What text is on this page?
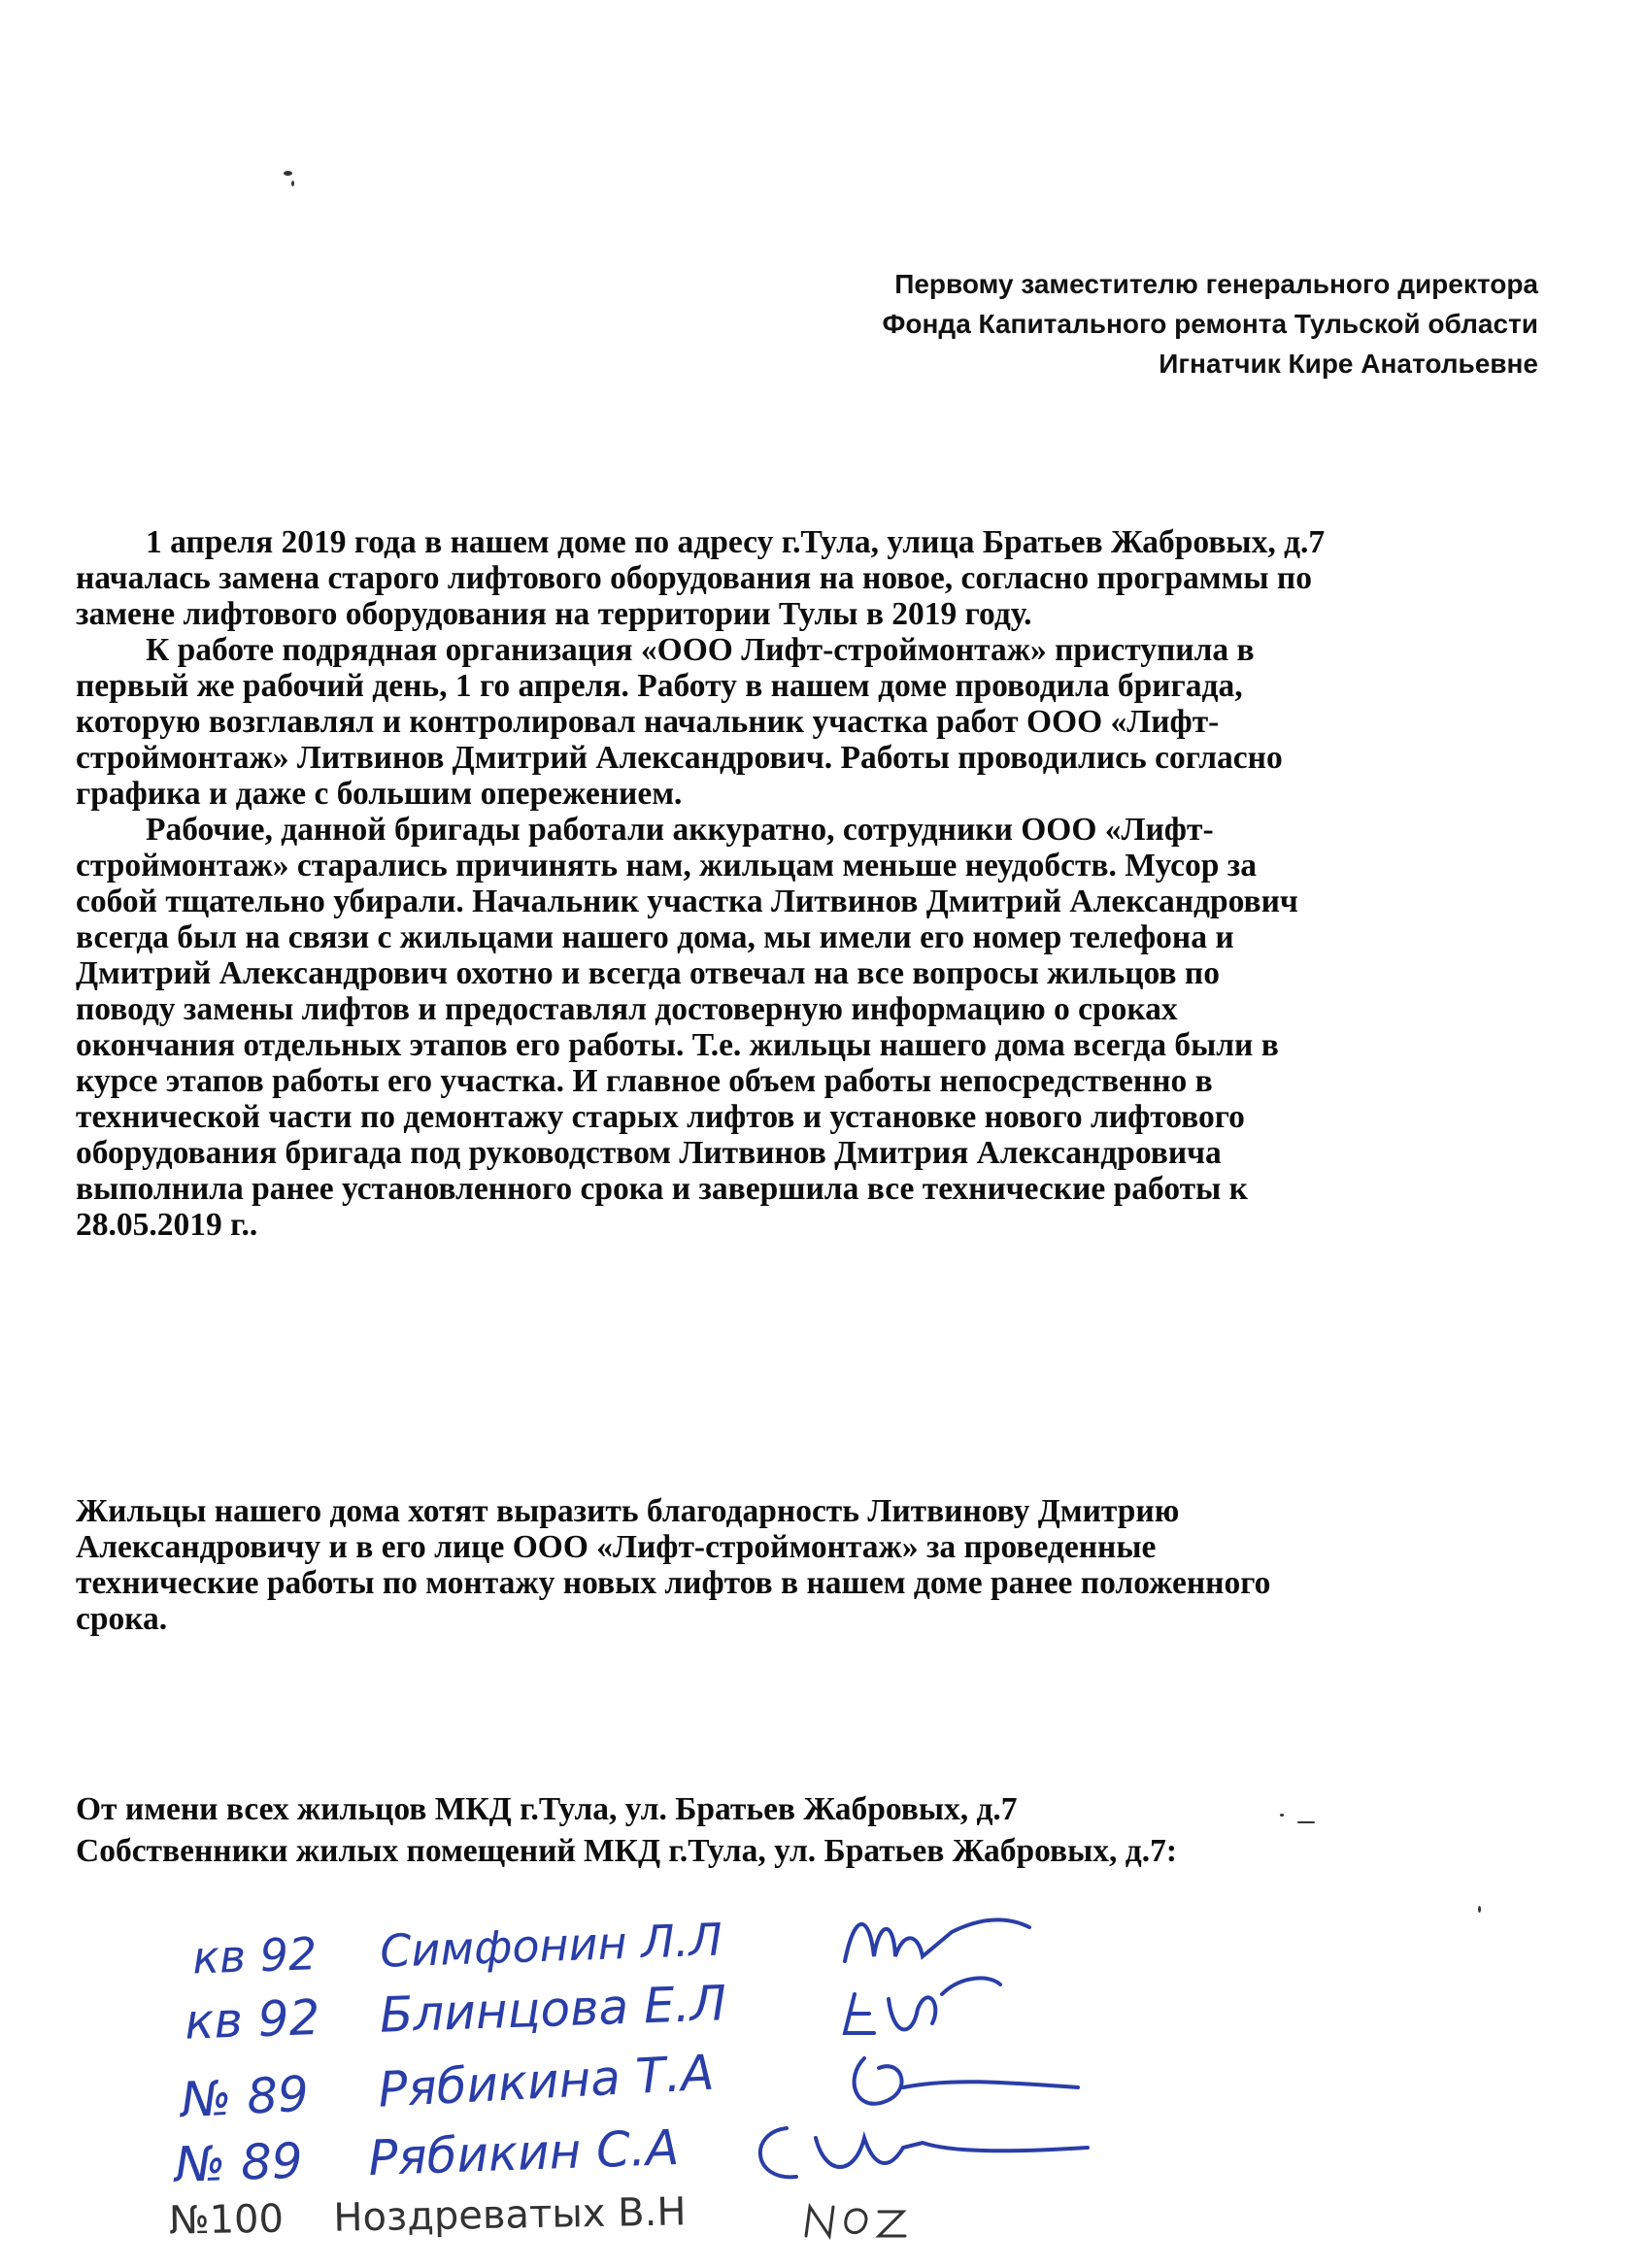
Первому заместителю генерального директора
Фонда Капитального ремонта Тульской области
Игнатчик Кире Анатольевне

1 апреля 2019 года в нашем доме по адресу г.Тула, улица Братьев Жабровых, д.7
началась замена старого лифтового оборудования на новое, согласно программы по
замене лифтового оборудования на территории Тулы в 2019 году.

К работе подрядная организация «ООО Лифт-строймонтаж» приступила в
первый же рабочий день, 1 го апреля. Работу в нашем доме проводила бригада,
которую возглавлял и контролировал начальник участка работ ООО «Лифт-
строймонтаж» Литвинов Дмитрий Александрович. Работы проводились согласно
графика и даже с большим опережением.

Рабочие, данной бригады работали аккуратно, сотрудники ООО «Лифт-
строймонтаж» старались причинять нам, жильцам меньше неудобств. Мусор за
собой тщательно убирали. Начальник участка Литвинов Дмитрий Александрович
всегда был на связи с жильцами нашего дома, мы имели его номер телефона и
Дмитрий Александрович охотно и всегда отвечал на все вопросы жильцов по
поводу замены лифтов и предоставлял достоверную информацию о сроках
окончания отдельных этапов его работы. Т.е. жильцы нашего дома всегда были в
курсе этапов работы его участка. И главное объем работы непосредственно в
технической части по демонтажу старых лифтов и установке нового лифтового
оборудования бригада под руководством Литвинов Дмитрия Александровича
выполнила ранее установленного срока и завершила все технические работы к
28.05.2019 г..

Жильцы нашего дома хотят выразить благодарность Литвинову Дмитрию
Александровичу и в его лице ООО «Лифт-строймонтаж» за проведенные
технические работы по монтажу новых лифтов в нашем доме ранее положенного
срока.
От имени всех жильцов МКД г.Тула, ул. Братьев Жабровых, д.7
Собственники жилых помещений МКД г.Тула, ул. Братьев Жабровых, д.7:
кв 92 Симфонин Л.Л
кв 92 Блинцова Е.Л
№ 89 Рябикина Т.А
№ 89 Рябикин С.А
№100 Ноздреватых В.Н
